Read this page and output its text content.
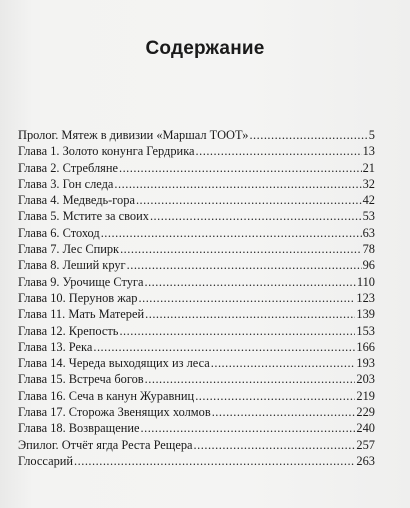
Содержание
Пролог. Мятеж в дивизии «Маршал ТООТ» .....	5
Глава 1. Золото конунга Гердрика .....	13
Глава 2. Стребляне .....	21
Глава 3. Гон следа .....	32
Глава 4. Медведь-гора .....	42
Глава 5. Мстите за своих .....	53
Глава 6. Стоход .....	63
Глава 7. Лес Спирк .....	78
Глава 8. Леший круг .....	96
Глава 9. Урочище Стуга .....	110
Глава 10. Перунов жар .....	123
Глава 11. Мать Матерей .....	139
Глава 12. Крепость .....	153
Глава 13. Река .....	166
Глава 14. Череда выходящих из леса .....	193
Глава 15. Встреча богов .....	203
Глава 16. Сеча в канун Журавниц .....	219
Глава 17. Сторожа Звенящих холмов .....	229
Глава 18. Возвращение .....	240
Эпилог. Отчёт ягда Реста Рещера .....	257
Глоссарий .....	263
